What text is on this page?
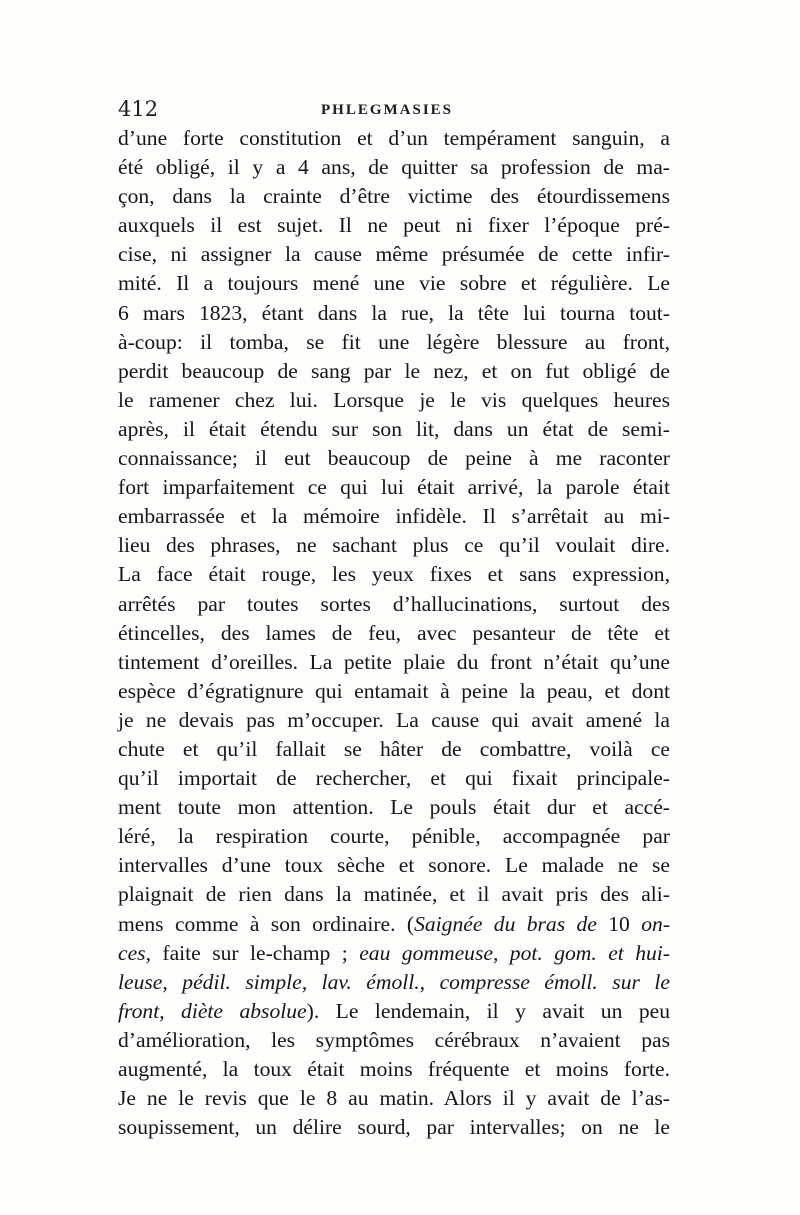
412	PHLEGMASIES
d’une forte constitution et d’un tempérament sanguin, a
été obligé, il y a 4 ans, de quitter sa profession de ma-
çon, dans la crainte d’être victime des étourdissemens
auxquels il est sujet. Il ne peut ni fixer l’époque pré-
cise, ni assigner la cause même présumée de cette infir-
mité. Il a toujours mené une vie sobre et régulière. Le
6 mars 1823, étant dans la rue, la tête lui tourna tout-
à-coup: il tomba, se fit une légère blessure au front,
perdit beaucoup de sang par le nez, et on fut obligé de
le ramener chez lui. Lorsque je le vis quelques heures
après, il était étendu sur son lit, dans un état de semi-
connaissance; il eut beaucoup de peine à me raconter
fort imparfaitement ce qui lui était arrivé, la parole était
embarrassée et la mémoire infidèle. Il s’arrêtait au mi-
lieu des phrases, ne sachant plus ce qu’il voulait dire.
La face était rouge, les yeux fixes et sans expression,
arrêtés par toutes sortes d’hallucinations, surtout des
étincelles, des lames de feu, avec pesanteur de tête et
tintement d’oreilles. La petite plaie du front n’était qu’une
espèce d’égratignure qui entamait à peine la peau, et dont
je ne devais pas m’occuper. La cause qui avait amené la
chute et qu’il fallait se hâter de combattre, voilà ce
qu’il importait de rechercher, et qui fixait principale-
ment toute mon attention. Le pouls était dur et accé-
léré, la respiration courte, pénible, accompagnée par
intervalles d’une toux sèche et sonore. Le malade ne se
plaignait de rien dans la matinée, et il avait pris des ali-
mens comme à son ordinaire. (Saignée du bras de 10 on-
ces, faite sur le-champ ; eau gommeuse, pot. gom. et hui-
leuse, pédil. simple, lav. émoll., compresse émoll. sur le
front, diète absolue). Le lendemain, il y avait un peu
d’amélioration, les symptômes cérébraux n’avaient pas
augmenté, la toux était moins fréquente et moins forte.
Je ne le revis que le 8 au matin. Alors il y avait de l’as-
soupissement, un délire sourd, par intervalles; on ne le
